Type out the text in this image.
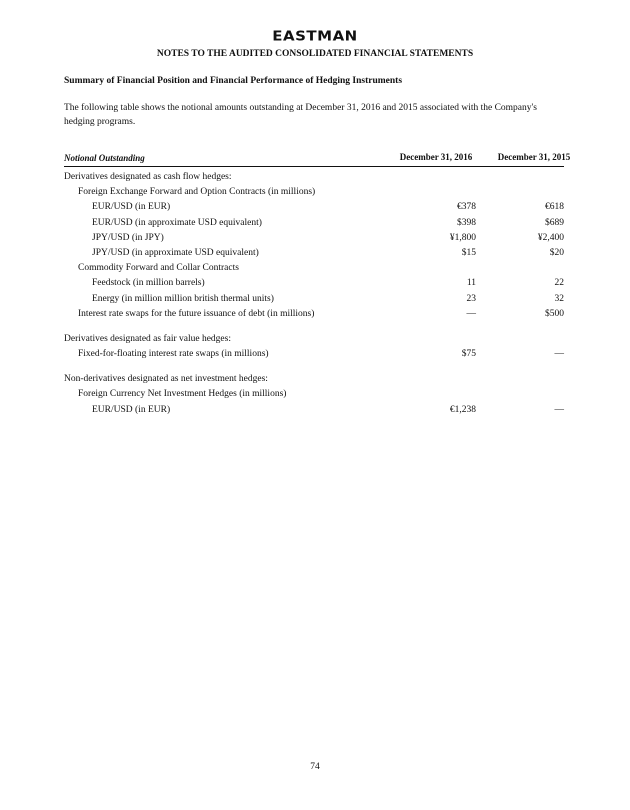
EASTMAN
NOTES TO THE AUDITED CONSOLIDATED FINANCIAL STATEMENTS
Summary of Financial Position and Financial Performance of Hedging Instruments
The following table shows the notional amounts outstanding at December 31, 2016 and 2015 associated with the Company's hedging programs.
Notional Outstanding	December 31, 2016	December 31, 2015
Derivatives designated as cash flow hedges:
Foreign Exchange Forward and Option Contracts (in millions)
EUR/USD (in EUR)	€378	€618
EUR/USD (in approximate USD equivalent)	$398	$689
JPY/USD (in JPY)	¥1,800	¥2,400
JPY/USD (in approximate USD equivalent)	$15	$20
Commodity Forward and Collar Contracts
Feedstock (in million barrels)	11	22
Energy (in million million british thermal units)	23	32
Interest rate swaps for the future issuance of debt (in millions)	—	$500
Derivatives designated as fair value hedges:
Fixed-for-floating interest rate swaps (in millions)	$75	—
Non-derivatives designated as net investment hedges:
Foreign Currency Net Investment Hedges (in millions)
EUR/USD (in EUR)	€1,238	—
74
